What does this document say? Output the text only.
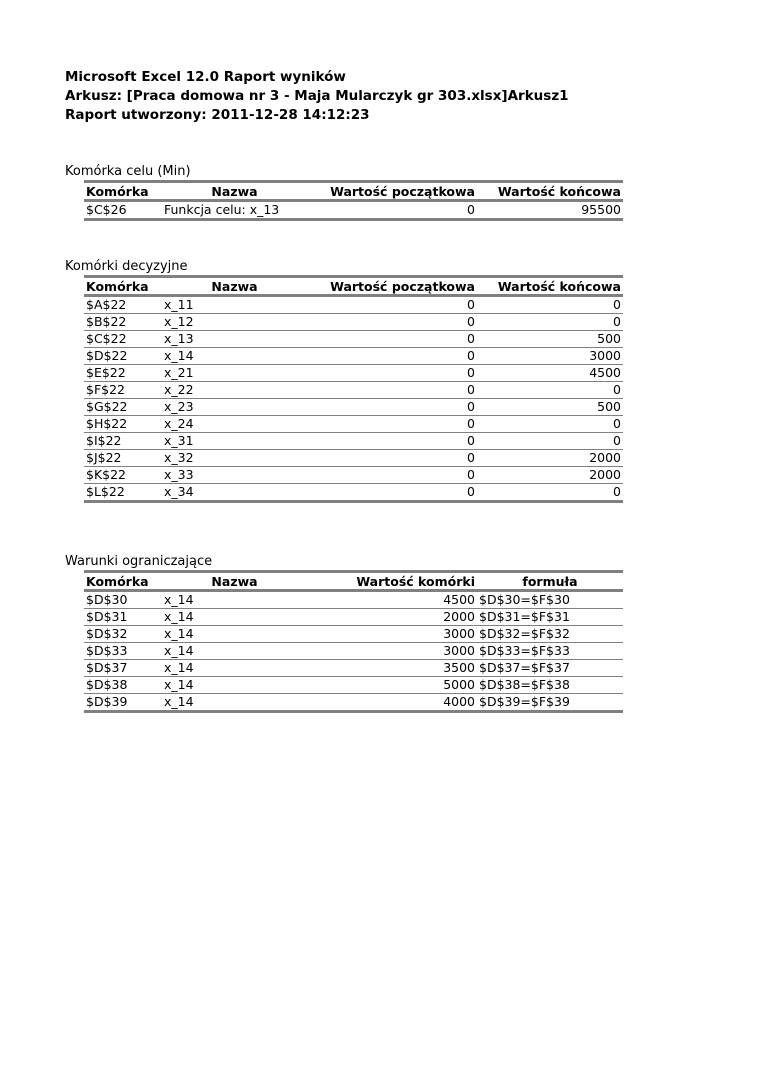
Microsoft Excel 12.0 Raport wyników
Arkusz: [Praca domowa nr 3 - Maja Mularczyk gr 303.xlsx]Arkusz1
Raport utworzony: 2011-12-28 14:12:23
Komórka celu (Min)
Komórka	Nazwa	Wartość początkowa	Wartość końcowa
$C$26	Funkcja celu: x_13	0	95500
Komórki decyzyjne
Komórka	Nazwa	Wartość początkowa	Wartość końcowa
$A$22	x_11	0	0
$B$22	x_12	0	0
$C$22	x_13	0	500
$D$22	x_14	0	3000
$E$22	x_21	0	4500
$F$22	x_22	0	0
$G$22	x_23	0	500
$H$22	x_24	0	0
$I$22	x_31	0	0
$J$22	x_32	0	2000
$K$22	x_33	0	2000
$L$22	x_34	0	0
Warunki ograniczające
Komórka	Nazwa	Wartość komórki	formuła
$D$30	x_14	4500	$D$30=$F$30
$D$31	x_14	2000	$D$31=$F$31
$D$32	x_14	3000	$D$32=$F$32
$D$33	x_14	3000	$D$33=$F$33
$D$37	x_14	3500	$D$37=$F$37
$D$38	x_14	5000	$D$38=$F$38
$D$39	x_14	4000	$D$39=$F$39
